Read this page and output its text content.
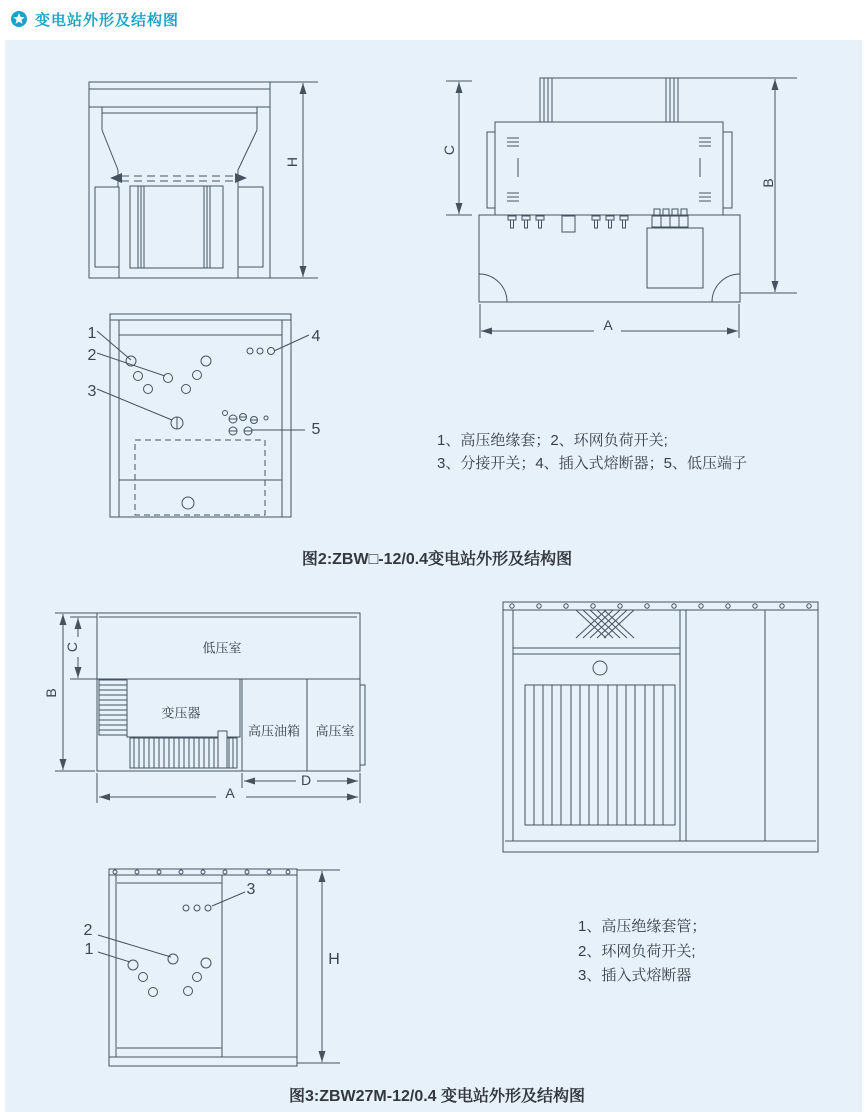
变电站外形及结构图
H
C
B
A
1
2
3
4
5
1、高压绝缘套；2、环网负荷开关;
3、分接开关；4、插入式熔断器；5、低压端子
图2:ZBW□-12/0.4变电站外形及结构图
低压室
变压器
高压油箱 高压室
B
C
A
D
H
3
2
1
1、高压绝缘套管；
2、环网负荷开关;
3、插入式熔断器
图3:ZBW27M-12/0.4 变电站外形及结构图
